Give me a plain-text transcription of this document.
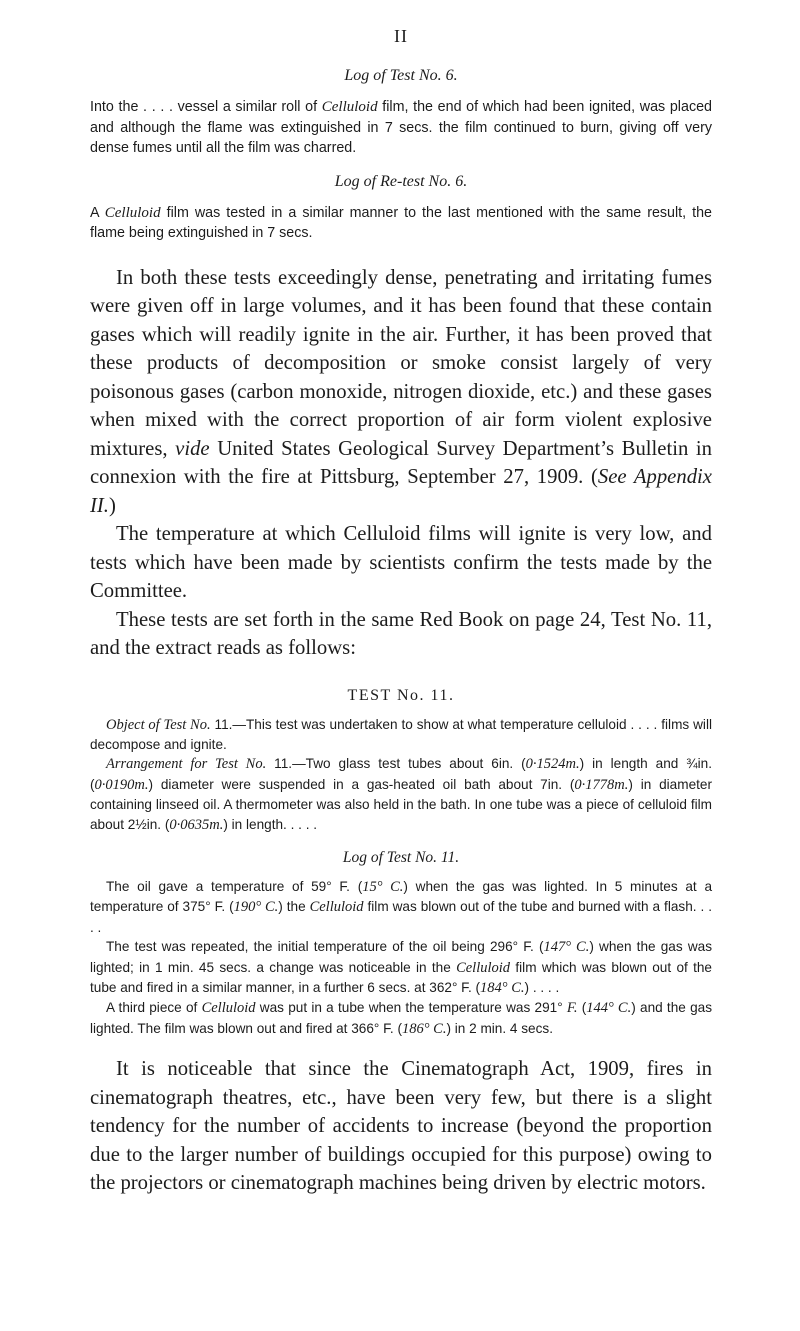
II
Log of Test No. 6.

Into the . . . . vessel a similar roll of Celluloid film, the end of which had been ignited, was placed and although the flame was extinguished in 7 secs. the film continued to burn, giving off very dense fumes until all the film was charred.

Log of Re-test No. 6.

A Celluloid film was tested in a similar manner to the last mentioned with the same result, the flame being extinguished in 7 secs.

In both these tests exceedingly dense, penetrating and irritating fumes were given off in large volumes, and it has been found that these contain gases which will readily ignite in the air. Further, it has been proved that these products of decomposition or smoke consist largely of very poisonous gases (carbon monoxide, nitrogen dioxide, etc.) and these gases when mixed with the correct proportion of air form violent explosive mixtures, vide United States Geological Survey Department’s Bulletin in connexion with the fire at Pittsburg, September 27, 1909. (See Appendix II.)

The temperature at which Celluloid films will ignite is very low, and tests which have been made by scientists confirm the tests made by the Committee.

These tests are set forth in the same Red Book on page 24, Test No. 11, and the extract reads as follows:

TEST No. 11.

Object of Test No. 11.—This test was undertaken to show at what temperature celluloid . . . . films will decompose and ignite.

Arrangement for Test No. 11.—Two glass test tubes about 6in. (0·1524m.) in length and ¾in. (0·0190m.) diameter were suspended in a gas-heated oil bath about 7in. (0·1778m.) in diameter containing linseed oil. A thermometer was also held in the bath. In one tube was a piece of celluloid film about 2½in. (0·0635m.) in length. . . . .

Log of Test No. 11.

The oil gave a temperature of 59° F. (15° C.) when the gas was lighted. In 5 minutes at a temperature of 375° F. (190° C.) the Celluloid film was blown out of the tube and burned with a flash. . . . .

The test was repeated, the initial temperature of the oil being 296° F. (147° C.) when the gas was lighted; in 1 min. 45 secs. a change was noticeable in the Celluloid film which was blown out of the tube and fired in a similar manner, in a further 6 secs. at 362° F. (184° C.) . . . .

A third piece of Celluloid was put in a tube when the temperature was 291° F. (144° C.) and the gas lighted. The film was blown out and fired at 366° F. (186° C.) in 2 min. 4 secs.

It is noticeable that since the Cinematograph Act, 1909, fires in cinematograph theatres, etc., have been very few, but there is a slight tendency for the number of accidents to increase (beyond the proportion due to the larger number of buildings occupied for this purpose) owing to the projectors or cinematograph machines being driven by electric motors.
